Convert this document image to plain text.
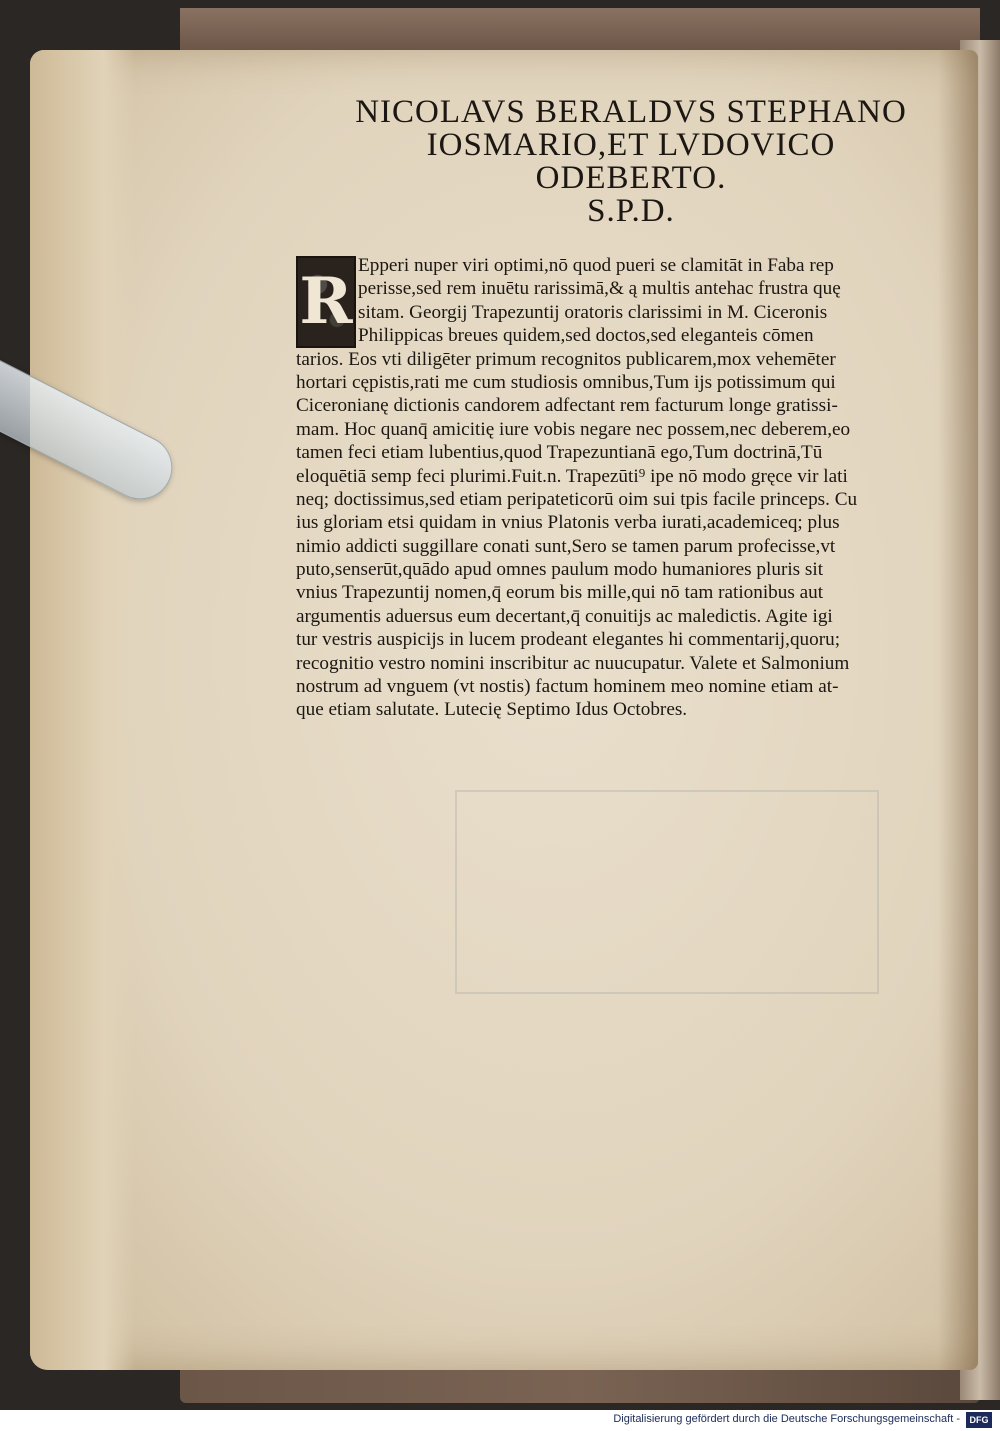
NICOLAVS BERALDVS STEPHANO
IOSMARIO,ET LVDOVICO
ODEBERTO.
S.P.D.
R Epperi nuper viri optimi,nō quod pueri se clamitāt in Faba rep
perisse,sed rem inuētu rarissimā,& ą multis antehac frustra quę
sitam. Georgij Trapezuntij oratoris clarissimi in M. Ciceronis
Philippicas breues quidem,sed doctos,sed eleganteis cōmen
tarios. Eos vti diligēter primum recognitos publicarem,mox vehemēter
hortari cępistis,rati me cum studiosis omnibus,Tum ijs potissimum qui
Ciceronianę dictionis candorem adfectant rem facturum longe gratissi-
mam. Hoc quanq̄ amicitię iure vobis negare nec possem,nec deberem,eo
tamen feci etiam lubentius,quod Trapezuntianā ego,Tum doctrinā,Tū
eloquētiā semp feci plurimi.Fuit.n. Trapezūti⁹ ipe nō modo gręce vir lati
neq; doctissimus,sed etiam peripateticorū oim sui tpis facile princeps. Cu
ius gloriam etsi quidam in vnius Platonis verba iurati,academiceq; plus
nimio addicti suggillare conati sunt,Sero se tamen parum profecisse,vt
puto,senserūt,quādo apud omnes paulum modo humaniores pluris sit
vnius Trapezuntij nomen,q̄ eorum bis mille,qui nō tam rationibus aut
argumentis aduersus eum decertant,q̄ conuitijs ac maledictis. Agite igi
tur vestris auspicijs in lucem prodeant elegantes hi commentarij,quoru;
recognitio vestro nomini inscribitur ac nuucupatur. Valete et Salmonium
nostrum ad vnguem (vt nostis) factum hominem meo nomine etiam at-
que etiam salutate. Lutecię Septimo Idus Octobres.
Digitalisierung gefördert durch die Deutsche Forschungsgemeinschaft -	DFG
